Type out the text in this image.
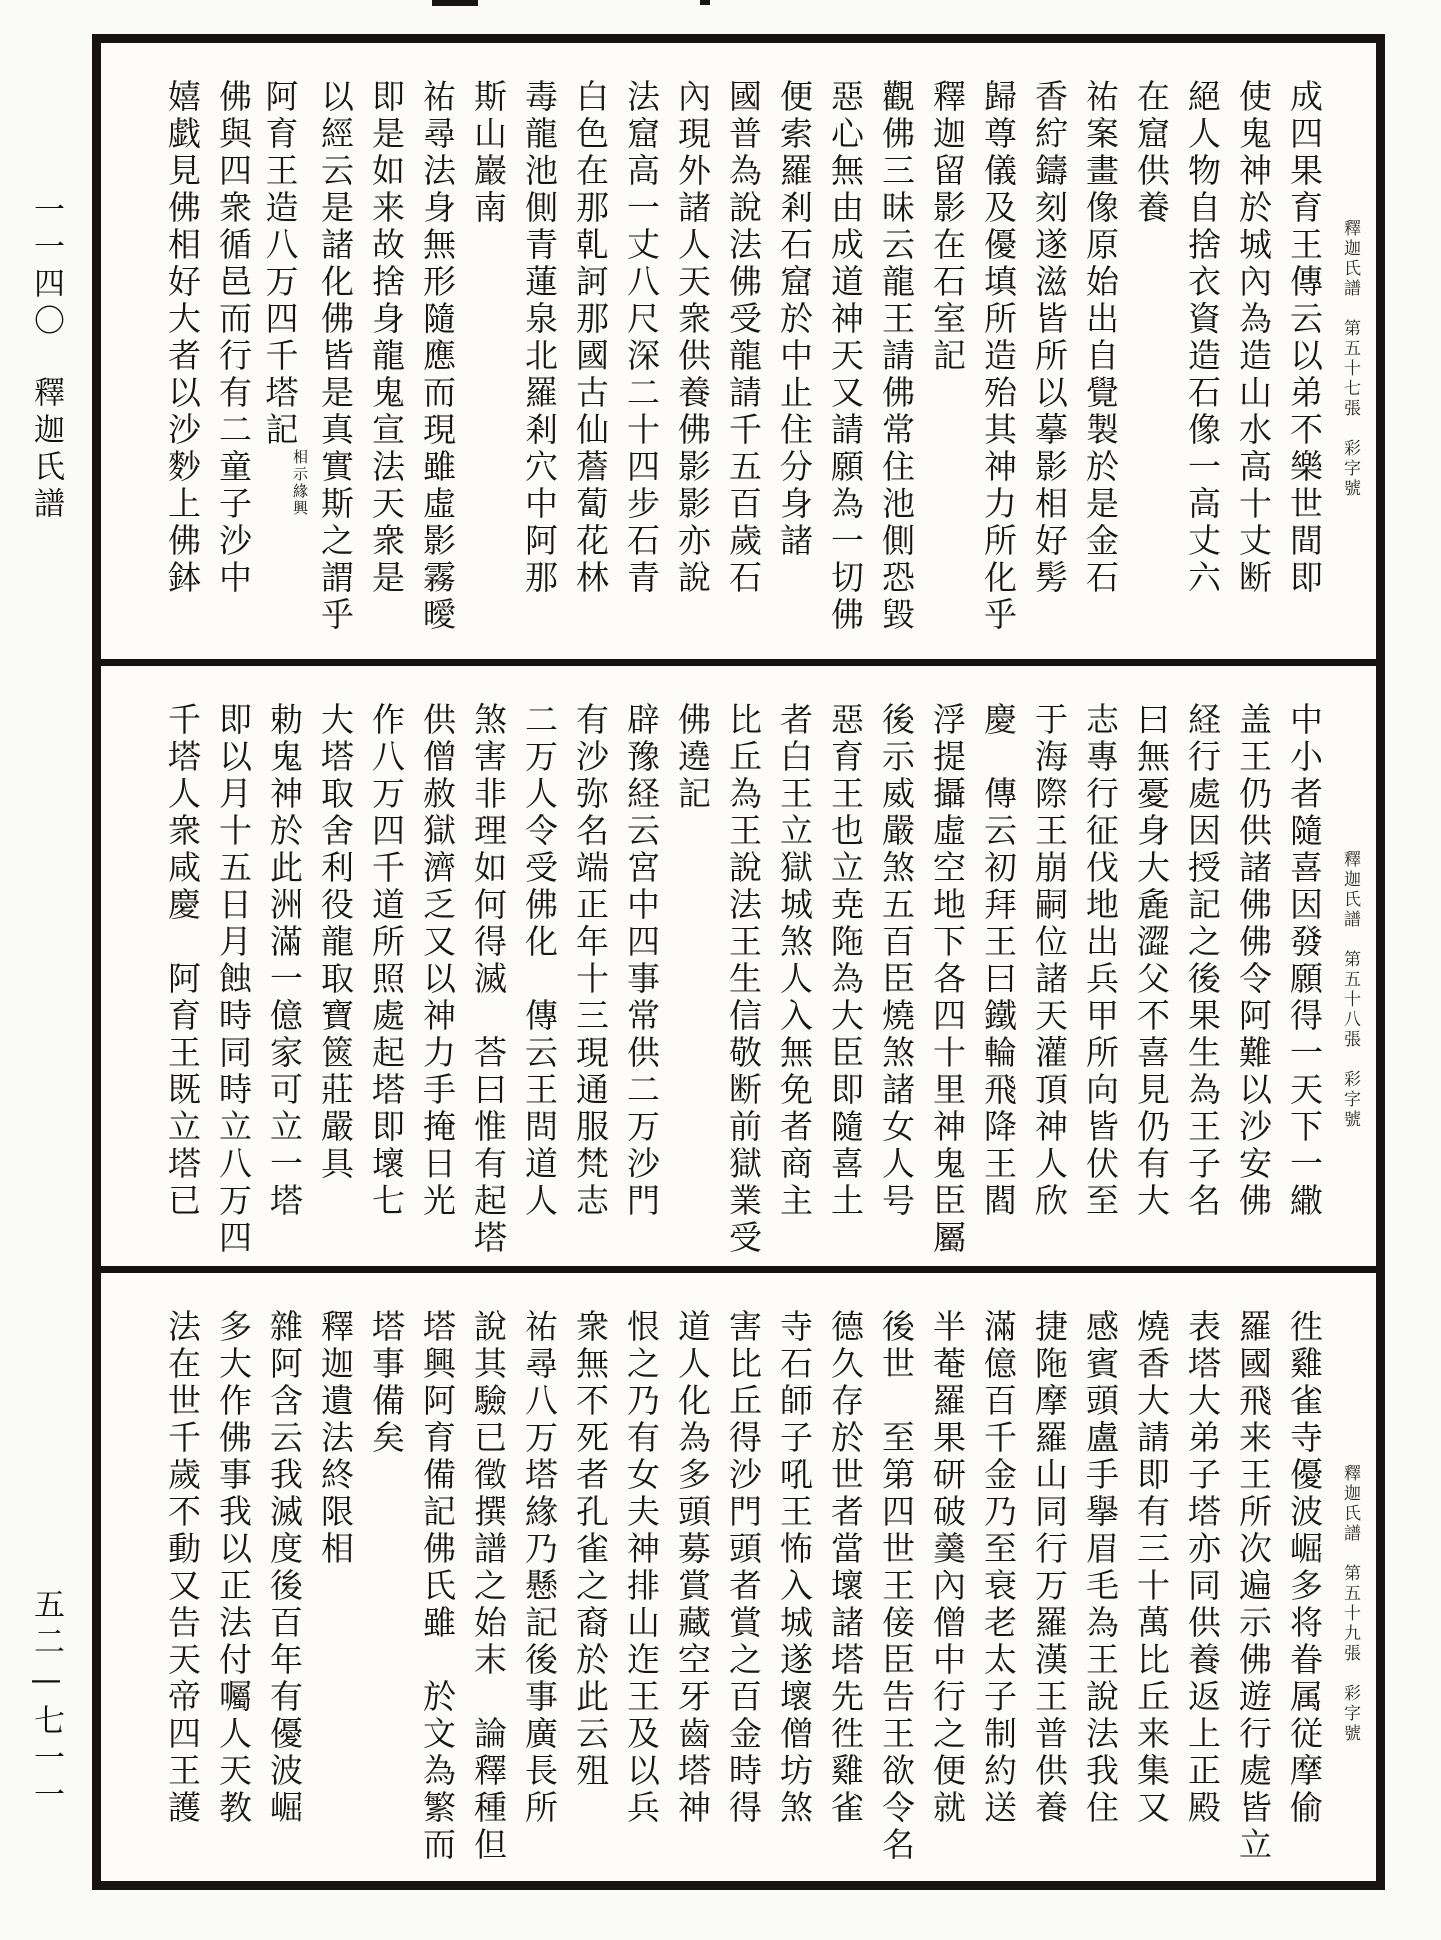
一一四〇
釋迦氏譜
五二—七一一
釋迦氏譜　第五十七張　彩字號
成四果育王傳云以弟不樂世間即
使鬼神於城內為造山水高十丈断
絕人物自捨衣資造石像一高丈六
在窟供養
祐案畫像原始出自覺製於是金石
香紵鑄刻遂滋皆所以摹影相好髣
歸尊儀及優填所造殆其神力所化乎
釋迦留影在石室記
觀佛三昧云龍王請佛常住池側恐毀
惡心無由成道神天又請願為一切佛
便索羅剎石窟於中止住分身諸
國普為說法佛受龍請千五百歲石
內現外諸人天衆供養佛影影亦說
法窟高一丈八尺深二十四步石青
白色在那乹訶那國古仙薝蔔花林
毒龍池側青蓮泉北羅剎穴中阿那
斯山巖南
祐尋法身無形隨應而現雖虛影霧曖
即是如来故捨身龍鬼宣法天衆是
以經云是諸化佛皆是真實斯之謂乎
阿育王造八万四千塔記
緣興
相示
佛與四衆循邑而行有二童子沙中
嬉戯見佛相好大者以沙麨上佛鉢
釋迦氏譜　第五十八張　彩字號
中小者隨喜因發願得一天下一繖
盖王仍供諸佛佛令阿難以沙安佛
経行處因授記之後果生為王子名
曰無憂身大麁澀父不喜見仍有大
志專行征伐地出兵甲所向皆伏至
于海際王崩嗣位諸天灌頂神人欣
慶　傳云初拜王曰鐵輪飛降王閻
浮提攝虛空地下各四十里神鬼臣屬
後示威嚴煞五百臣燒煞諸女人号
惡育王也立尭陁為大臣即隨喜土
者白王立獄城煞人入無免者商主
比丘為王說法王生信敬断前獄業受
佛遶記
辟豫経云宮中四事常供二万沙門
有沙弥名端正年十三現通服梵志
二万人令受佛化　傳云王問道人
煞害非理如何得滅　荅曰惟有起塔
供僧赦獄濟乏又以神力手掩日光
作八万四千道所照處起塔即壞七
大塔取舍利役龍取寶篋莊嚴具
勅鬼神於此洲滿一億家可立一塔
即以月十五日月蝕時同時立八万四
千塔人衆咸慶　阿育王既立塔已
釋迦氏譜　第五十九張　彩字號
徃雞雀寺優波崛多将眷属従摩偷
羅國飛来王所次遍示佛遊行處皆立
表塔大弟子塔亦同供養返上正殿
燒香大請即有三十萬比丘来集又
感賓頭盧手擧眉毛為王說法我住
捷陁摩羅山同行万羅漢王普供養
滿億百千金乃至衰老太子制約送
半菴羅果研破羹內僧中行之便就
後世　至第四世王倿臣告王欲令名
德久存於世者當壞諸塔先徃雞雀
寺石師子吼王怖入城遂壞僧坊煞
害比丘得沙門頭者賞之百金時得
道人化為多頭募賞藏空牙齒塔神
恨之乃有女夫神排山迮王及以兵
衆無不死者孔雀之裔於此云殂
祐尋八万塔緣乃懸記後事廣長所
說其驗已徵撰譜之始末　論釋種但
塔興阿育備記佛氏雖　於文為繁而
塔事備矣
釋迦遺法終限相
雜阿含云我滅度後百年有優波崛
多大作佛事我以正法付囑人天教
法在世千歲不動又告天帝四王護
